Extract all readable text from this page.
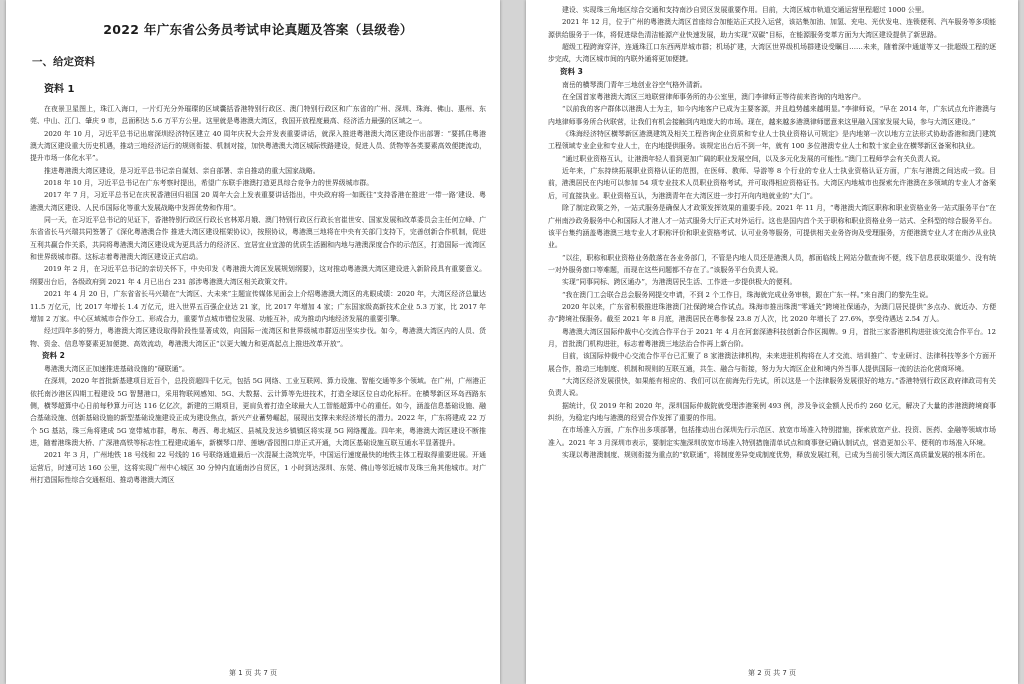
2022 年广东省公务员考试申论真题及答案（县级卷）
一、给定资料
资料 1

在夜景卫星图上，珠江入海口，一片灯光分外璀璨的区域囊括香港特别行政区、澳门特别行政区和广东省的广州、深圳、珠海、佛山、惠州、东莞、中山、江门、肇庆 9 市，总面积达 5.6 万平方公里。这里就是粤港澳大湾区，我国开放程度最高、经济活力最强的区域之一。

2020 年 10 月，习近平总书记出席深圳经济特区建立 40 周年庆祝大会并发表重要讲话，就深入推进粤港澳大湾区建设作出部署：“要抓住粤港澳大湾区建设重大历史机遇，推动三地经济运行的规则衔接、机制对接，加快粤港澳大湾区城际铁路建设，促进人员、货物等各类要素高效便捷流动，提升市场一体化水平”。

推进粤港澳大湾区建设，是习近平总书记亲自谋划、亲自部署、亲自推动的重大国家战略。

2018 年 10 月，习近平总书记在广东考察时提出，希望广东联手港澳打造更具综合竞争力的世界级城市群。

2017 年 7 月，习近平总书记在庆祝香港回归祖国 20 周年大会上发表重要讲话指出，中央政府将一如既往“支持香港在推进‘一带一路’建设、粤港澳大湾区建设、人民币国际化等重大发展战略中发挥优势和作用”。

同一天，在习近平总书记的见证下，香港特别行政区行政长官林郑月娥、澳门特别行政区行政长官崔世安、国家发展和改革委员会主任何立峰、广东省省长马兴瑞共同签署了《深化粤港澳合作 推进大湾区建设框架协议》，按照协议，粤港澳三地将在中央有关部门支持下，完善创新合作机制，促进互利共赢合作关系，共同将粤港澳大湾区建设成为更具活力的经济区、宜居宜业宜游的优质生活圈和内地与港澳深度合作的示范区，打造国际一流湾区和世界级城市群。这标志着粤港澳大湾区建设正式启动。

2019 年 2 月，在习近平总书记的亲切关怀下，中央印发《粤港澳大湾区发展规划纲要》，这对推动粤港澳大湾区建设进入新阶段具有重要意义。纲要出台后，各级政府到 2021 年 4 月已出台 231 部涉粤港澳大湾区相关政策文件。

2021 年 4 月 20 日，广东省省长马兴瑞在“大湾区、大未来”主题宣传媒体见面会上介绍粤港澳大湾区的兆眼成绩：2020 年，大湾区经济总量达 11.5 万亿元，比 2017 年增长 1.4 万亿元，进入世界五百强企业达 21 家，比 2017 年增加 4 家；广东国家级高新技术企业 5.3 万家，比 2017 年增加 2 万家。中心区域城市合作分工、形成合力，重要节点城市错位发展、功能互补，成为推动内地经济发展的重要引擎。

经过四年多的努力，粤港澳大湾区建设取得阶段性显著成效，向国际一流湾区和世界级城市群迈出坚实步伐。如今，粤港澳大湾区内的人员、货物、资金、信息等要素更加便捷、高效流动，粤港澳大湾区正“以更大魄力和更高起点上推进改革开放”。

资料 2

粤港澳大湾区正加速推进基础设施的“硬联通”。

在深圳，2020 年首批新基建项目近百个，总投资超四千亿元，包括 5G 网络、工业互联网、算力设施、智能交通等多个领域。在广州，广州港正依托南沙港区四期工程建设 5G 智慧港口，采用物联网感知、5G、大数据、云计算等先进技术，打造全球区位自动化标杆。在横琴新区环岛西路东侧，横琴超算中心日前每秒算力可达 116 亿亿次，新建的三期项目，更肩负着打造全球最大人工智能超算中心的重任。如今，涵盖信息基础设施、融合基础设施、创新基础设施的新型基础设施建设正成为建设焦点，新兴产业蓄势崛起，展现出支撑未来经济增长的潜力。2022 年，广东将建成 22 万个 5G 基站，珠三角将建成 5G 宽带城市群，粤东、粤西、粤北城区、县城及发达乡镇镇区将实现 5G 网络覆盖。四年来，粤港澳大湾区建设不断推进，随着港珠澳大桥、广深港高铁等标志性工程建成通车，新横琴口岸、莲塘/香园围口岸正式开通，大湾区基础设施互联互通水平显著提升。

2021 年 3 月，广州地铁 18 号线和 22 号线的 16 号联络通道最后一次混凝土浇筑完毕，中国运行速度最快的地铁主体工程取得重要进展。开通运营后，时速可达 160 公里，这将实现广州中心城区 30 分钟内直通南沙自贸区，1 小时到达深圳、东莞、佛山等邻近城市及珠三角其他城市。对广州打造国际性综合交通枢纽、推动粤港澳大湾区

第 1 页 共 7 页

建设、实现珠三角地区综合交通和支持南沙自贸区发展重要作用。目前，大湾区城市轨道交通运营里程超过 1000 公里。

2021 年 12 月，位于广州的粤港澳大湾区首座综合加能站正式投入运营，该站集加油、加氢、充电、光伏发电、连锁便利、汽车服务等多项能源供给服务于一体，将促进绿色清洁能源产业快速发展，助力实现“双碳”目标，在能源服务变革方面为大湾区建设提供了新思路。

超级工程跨海穿洋，连通珠江口东西两岸城市群；机场扩建，大湾区世界级机场群建设受瞩目……未来，随着深中通道等又一批超级工程的逐步完成，大湾区城市间的内联外通将更加便捷。

资料 3

南岳的横琴澳门青年三地创业谷空气格外清新。

在全国首家粤港澳大湾区三地联营律师事务所的办公室里，澳门李律师正等待前来咨询的内地客户。

“以前我的客户群体以港澳人士为主，如今内地客户已成为主要客源，并且趋势越来越明显。”李律师说，“早在 2014 年，广东试点允许港澳与内地律师事务所合伙联营，让我们有机会接触到内地庞大的市场。现在，越来越多港澳律师愿意来这里融入国家发展大局，参与大湾区建设。”

《珠海经济特区横琴新区港澳建筑及相关工程咨询企业资质和专业人士执业资格认可规定》是内地第一次以地方立法形式协助香港和澳门建筑工程领域专业企业和专业人士，在内地提供服务。该规定出台后不到一年，就有 100 多位港澳专业人士和数十家企业在横琴新区备案和执业。

“通过职业资格互认，让港澳年轻人看到更加广阔的职业发展空间，以及多元化发展的可能性。”澳门工程师学会有关负责人说。

近年来，广东持续拓展职业资格认证的范围，在医师、教师、导游等 8 个行业的专业人士执业资格认证方面，广东与港澳之间达成一致。目前，港澳居民在内地可以参加 54 项专业技术人员职业资格考试，并可取得相应资格证书。大湾区内地城市也探索允许港澳在多领域的专业人才备案后，可直接执业。职业资格互认，为港澳青年在大湾区进一步打开向内地就业的“大门”。

除了制定政策之外，一站式服务是确保人才政策发挥效果的重要手段。2021 年 11 月，“粤港澳大湾区职称和职业资格业务一站式服务平台”在广州南沙政务服务中心和国际人才港人才一站式服务大厅正式对外运行。这也是国内首个关于职称和职业资格业务一站式、全科型的综合服务平台。该平台集约涵盖粤港澳三地专业人才职称评价和职业资格考试、认可业务等服务，可提供相关业务咨询及受理服务，方便港澳专业人才在南沙从业执业。

“以往，职称和职业资格业务散落在各业务部门，不管是内地人员还是港澳人员，都面临线上网站分散查询不便，线下信息获取渠道少、没有统一对外服务窗口等难题，而现在这些问题都不存在了。”该服务平台负责人说。

实现“同事同标、跨区通办”，为港澳居民生活、工作进一步提供极大的便利。

“我在澳门工会联合总会服务网提交申请，不到 2 个工作日，珠海就完成业务审核，跟在广东一样。”来自澳门的黎先生说。

2020 年以来，广东省积极推进珠港澳门社保跨境合作试点。珠海市推出珠澳“零通关”跨境社保通办，为澳门居民提供“多点办、就近办、方便办”跨境社保服务。截至 2021 年 8 月底，港澳居民在粤参保 23.8 万人次，比 2020 年增长了 27.6%，享受待遇达 2.54 万人。

粤港澳大湾区国际仲裁中心交流合作平台于 2021 年 4 月在河套深港科技创新合作区揭牌。9 月，首批三家香港机构进驻该交流合作平台。12 月，首批澳门机构进驻，标志着粤港澳三地法治合作再上新台阶。

目前，该国际仲裁中心交流合作平台已汇聚了 8 家港澳法律机构，未来进驻机构将在人才交流、培训推广、专业研讨、法律科技等多个方面开展合作，推动三地制度、机制和规则的互联互通，共生、融合与衔接，努力为大湾区企业和境内外当事人提供国际一流的法治化营商环境。

“大湾区经济发展很快，如果能有相应的、我们可以在前海先行先试，所以这是一个法律服务发展很好的地方。”香港特别行政区政府律政司有关负责人说。

据统计，仅 2019 年和 2020 年，深圳国际仲裁院就受理涉港案例 493 例，涉及争议金额人民币约 260 亿元，解决了大量的涉港澳跨境商事纠纷，为稳定内地与港澳的经贸合作发挥了重要的作用。

在市场准入方面，广东作出多项部署，包括推动出台深圳先行示范区、放宽市场准入特别措施，探索放宽产业、投资、医药、金融等领域市场准入。2021 年 3 月深圳市表示，要制定实施深圳放宽市场准入特别措施清单试点和商事登记确认制试点，营造更加公平、便利的市场准入环境。

实现以粤港澳制度、规则衔接为重点的“软联通”，将制度差异变成制度优势，释放发展红利，已成为当前引领大湾区高质量发展的根本所在。

第 2 页 共 7 页
